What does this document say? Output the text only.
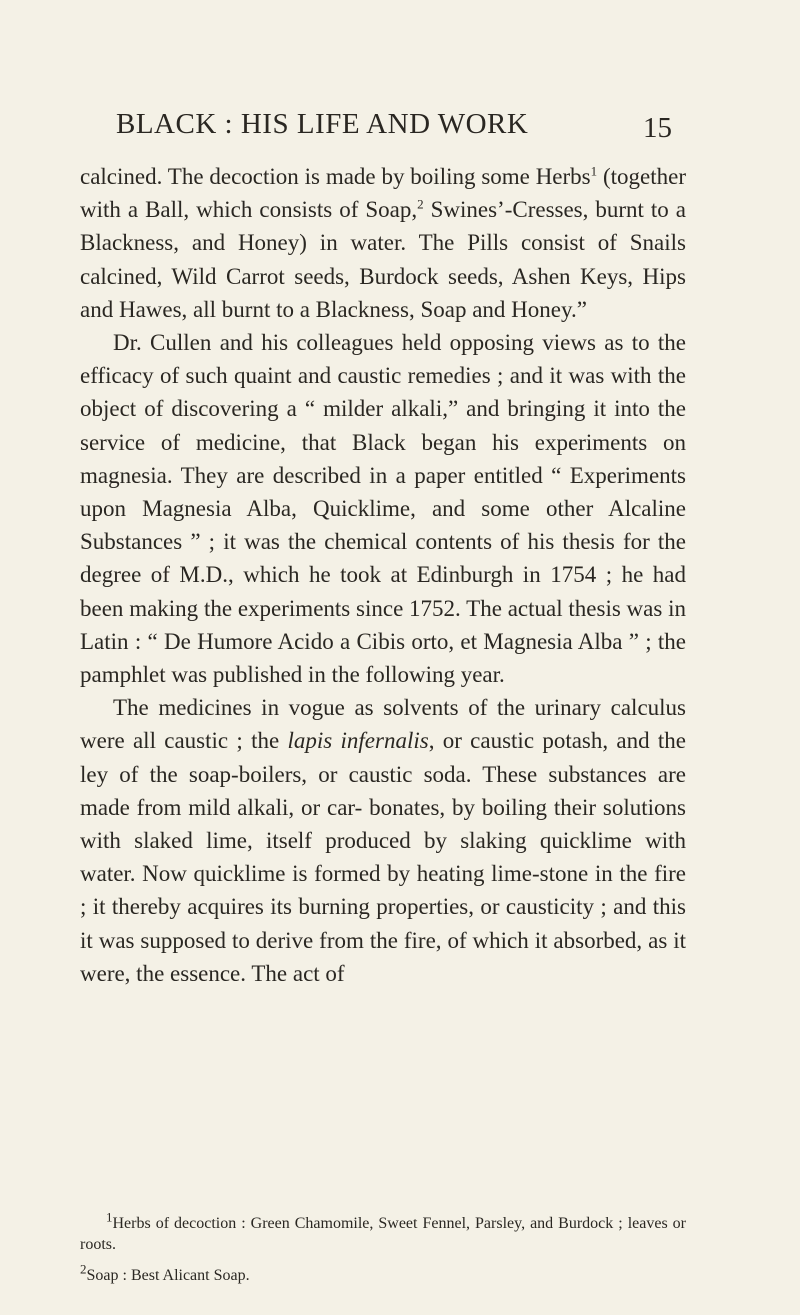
BLACK : HIS LIFE AND WORK	15

calcined. The decoction is made by boiling some Herbs$^1$ (together with a Ball, which consists of Soap,$^2$ Swines’-Cresses, burnt to a Blackness, and Honey) in water. The Pills consist of Snails calcined, Wild Carrot seeds, Burdock seeds, Ashen Keys, Hips and Hawes, all burnt to a Blackness, Soap and Honey.”

Dr. Cullen and his colleagues held opposing views as to the efficacy of such quaint and caustic remedies ; and it was with the object of discovering a “ milder alkali,” and bringing it into the service of medicine, that Black began his experiments on magnesia. They are described in a paper entitled “ Experiments upon Magnesia Alba, Quicklime, and some other Alcaline Substances ” ; it was the chemical contents of his thesis for the degree of M.D., which he took at Edinburgh in 1754 ; he had been making the experiments since 1752. The actual thesis was in Latin : “ De Humore Acido a Cibis orto, et Magnesia Alba ” ; the pamphlet was published in the following year.

The medicines in vogue as solvents of the urinary calculus were all caustic ; the lapis infernalis, or caustic potash, and the ley of the soap-boilers, or caustic soda. These substances are made from mild alkali, or car- bonates, by boiling their solutions with slaked lime, itself produced by slaking quicklime with water. Now quicklime is formed by heating lime-stone in the fire ; it thereby acquires its burning properties, or causticity ; and this it was supposed to derive from the fire, of which it absorbed, as it were, the essence. The act of

$^1$Herbs of decoction : Green Chamomile, Sweet Fennel, Parsley, and Burdock ; leaves or roots.

$^2$Soap : Best Alicant Soap.
